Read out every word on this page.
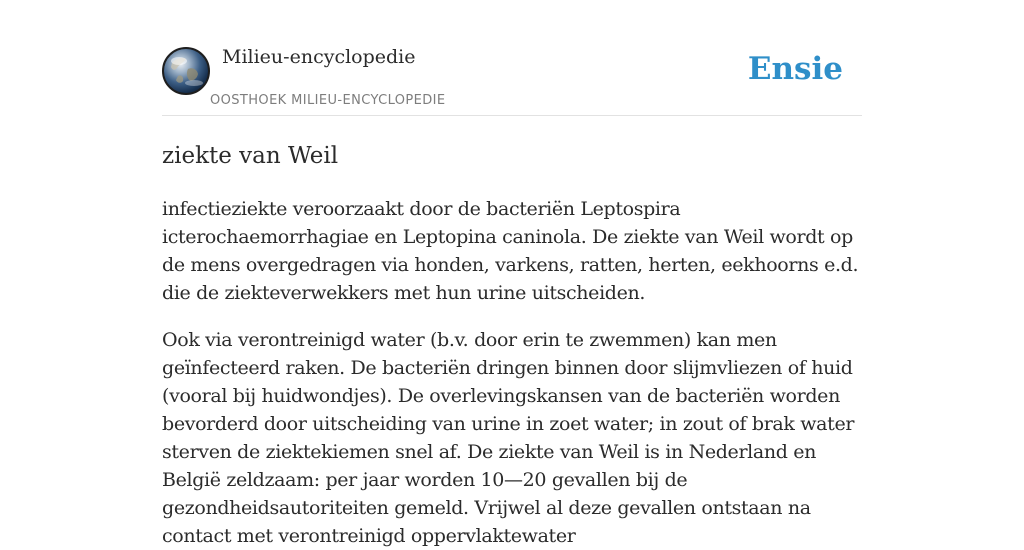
Milieu-encyclopedie
OOSTHOEK MILIEU-ENCYCLOPEDIE
Ensie
ziekte van Weil

infectieziekte veroorzaakt door de bacteriën Leptospira icterochaemorrhagiae en Leptopina caninola. De ziekte van Weil wordt op de mens overgedragen via honden, varkens, ratten, herten, eekhoorns e.d. die de ziekteverwekkers met hun urine uitscheiden.

Ook via verontreinigd water (b.v. door erin te zwemmen) kan men geïnfecteerd raken. De bacteriën dringen binnen door slijmvliezen of huid (vooral bij huidwondjes). De overlevingskansen van de bacteriën worden bevorderd door uitscheiding van urine in zoet water; in zout of brak water sterven de ziektekiemen snel af. De ziekte van Weil is in Nederland en België zeldzaam: per jaar worden 10—20 gevallen bij de gezondheidsautoriteiten gemeld. Vrijwel al deze gevallen ontstaan na contact met verontreinigd oppervlaktewater
